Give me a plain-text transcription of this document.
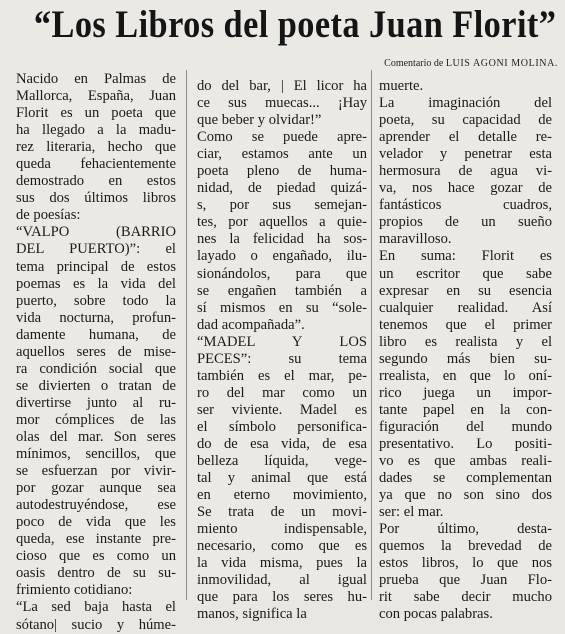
“Los Libros del poeta Juan Florit”
Comentario de LUIS AGONI MOLINA.
Nacido en Palmas de
Mallorca, España, Juan
Florit es un poeta que
ha llegado a la madu-
rez literaria, hecho que
queda fehacientemente
demostrado en estos
sus dos últimos libros
de poesías:
“VALPO (BARRIO
DEL PUERTO)”: el
tema principal de estos
poemas es la vida del
puerto, sobre todo la
vida nocturna, profun-
damente humana, de
aquellos seres de mise-
ra condición social que
se divierten o tratan de
divertirse junto al ru-
mor cómplices de las
olas del mar. Son seres
mínimos, sencillos, que
se esfuerzan por vivir-
por gozar aunque sea
autodestruyéndose, ese
poco de vida que les
queda, ese instante pre-
cioso que es como un
oasis dentro de su su-
frimiento cotidiano:
“La sed baja hasta el
sótano| sucio y húme-
do del bar, | El licor ha
ce sus muecas... ¡Hay
que beber y olvidar!”
Como se puede apre-
ciar, estamos ante un
poeta pleno de huma-
nidad, de piedad quizá-
s, por sus semejan-
tes, por aquellos a quie-
nes la felicidad ha sos-
layado o engañado, ilu-
sionándolos, para que
se engañen también a
sí mismos en su “sole-
dad acompañada”.
“MADEL Y LOS
PECES”: su tema
también es el mar, pe-
ro del mar como un
ser viviente. Madel es
el símbolo personifica-
do de esa vida, de esa
belleza líquida, vege-
tal y animal que está
en eterno movimiento,
Se trata de un movi-
miento indispensable,
necesario, como que es
la vida misma, pues la
inmovilidad, al igual
que para los seres hu-
manos, significa la
muerte.
La imaginación del
poeta, su capacidad de
aprender el detalle re-
velador y penetrar esta
hermosura de agua vi-
va, nos hace gozar de
fantásticos cuadros,
propios de un sueño
maravilloso.
En suma: Florit es
un escritor que sabe
expresar en su esencia
cualquier realidad. Así
tenemos que el primer
libro es realista y el
segundo más bien su-
rrealista, en que lo oní-
rico juega un impor-
tante papel en la con-
figuración del mundo
presentativo. Lo positi-
vo es que ambas reali-
dades se complementan
ya que no son sino dos
ser: el mar.
Por último, desta-
quemos la brevedad de
estos libros, lo que nos
prueba que Juan Flo-
rit sabe decir mucho
con pocas palabras.
